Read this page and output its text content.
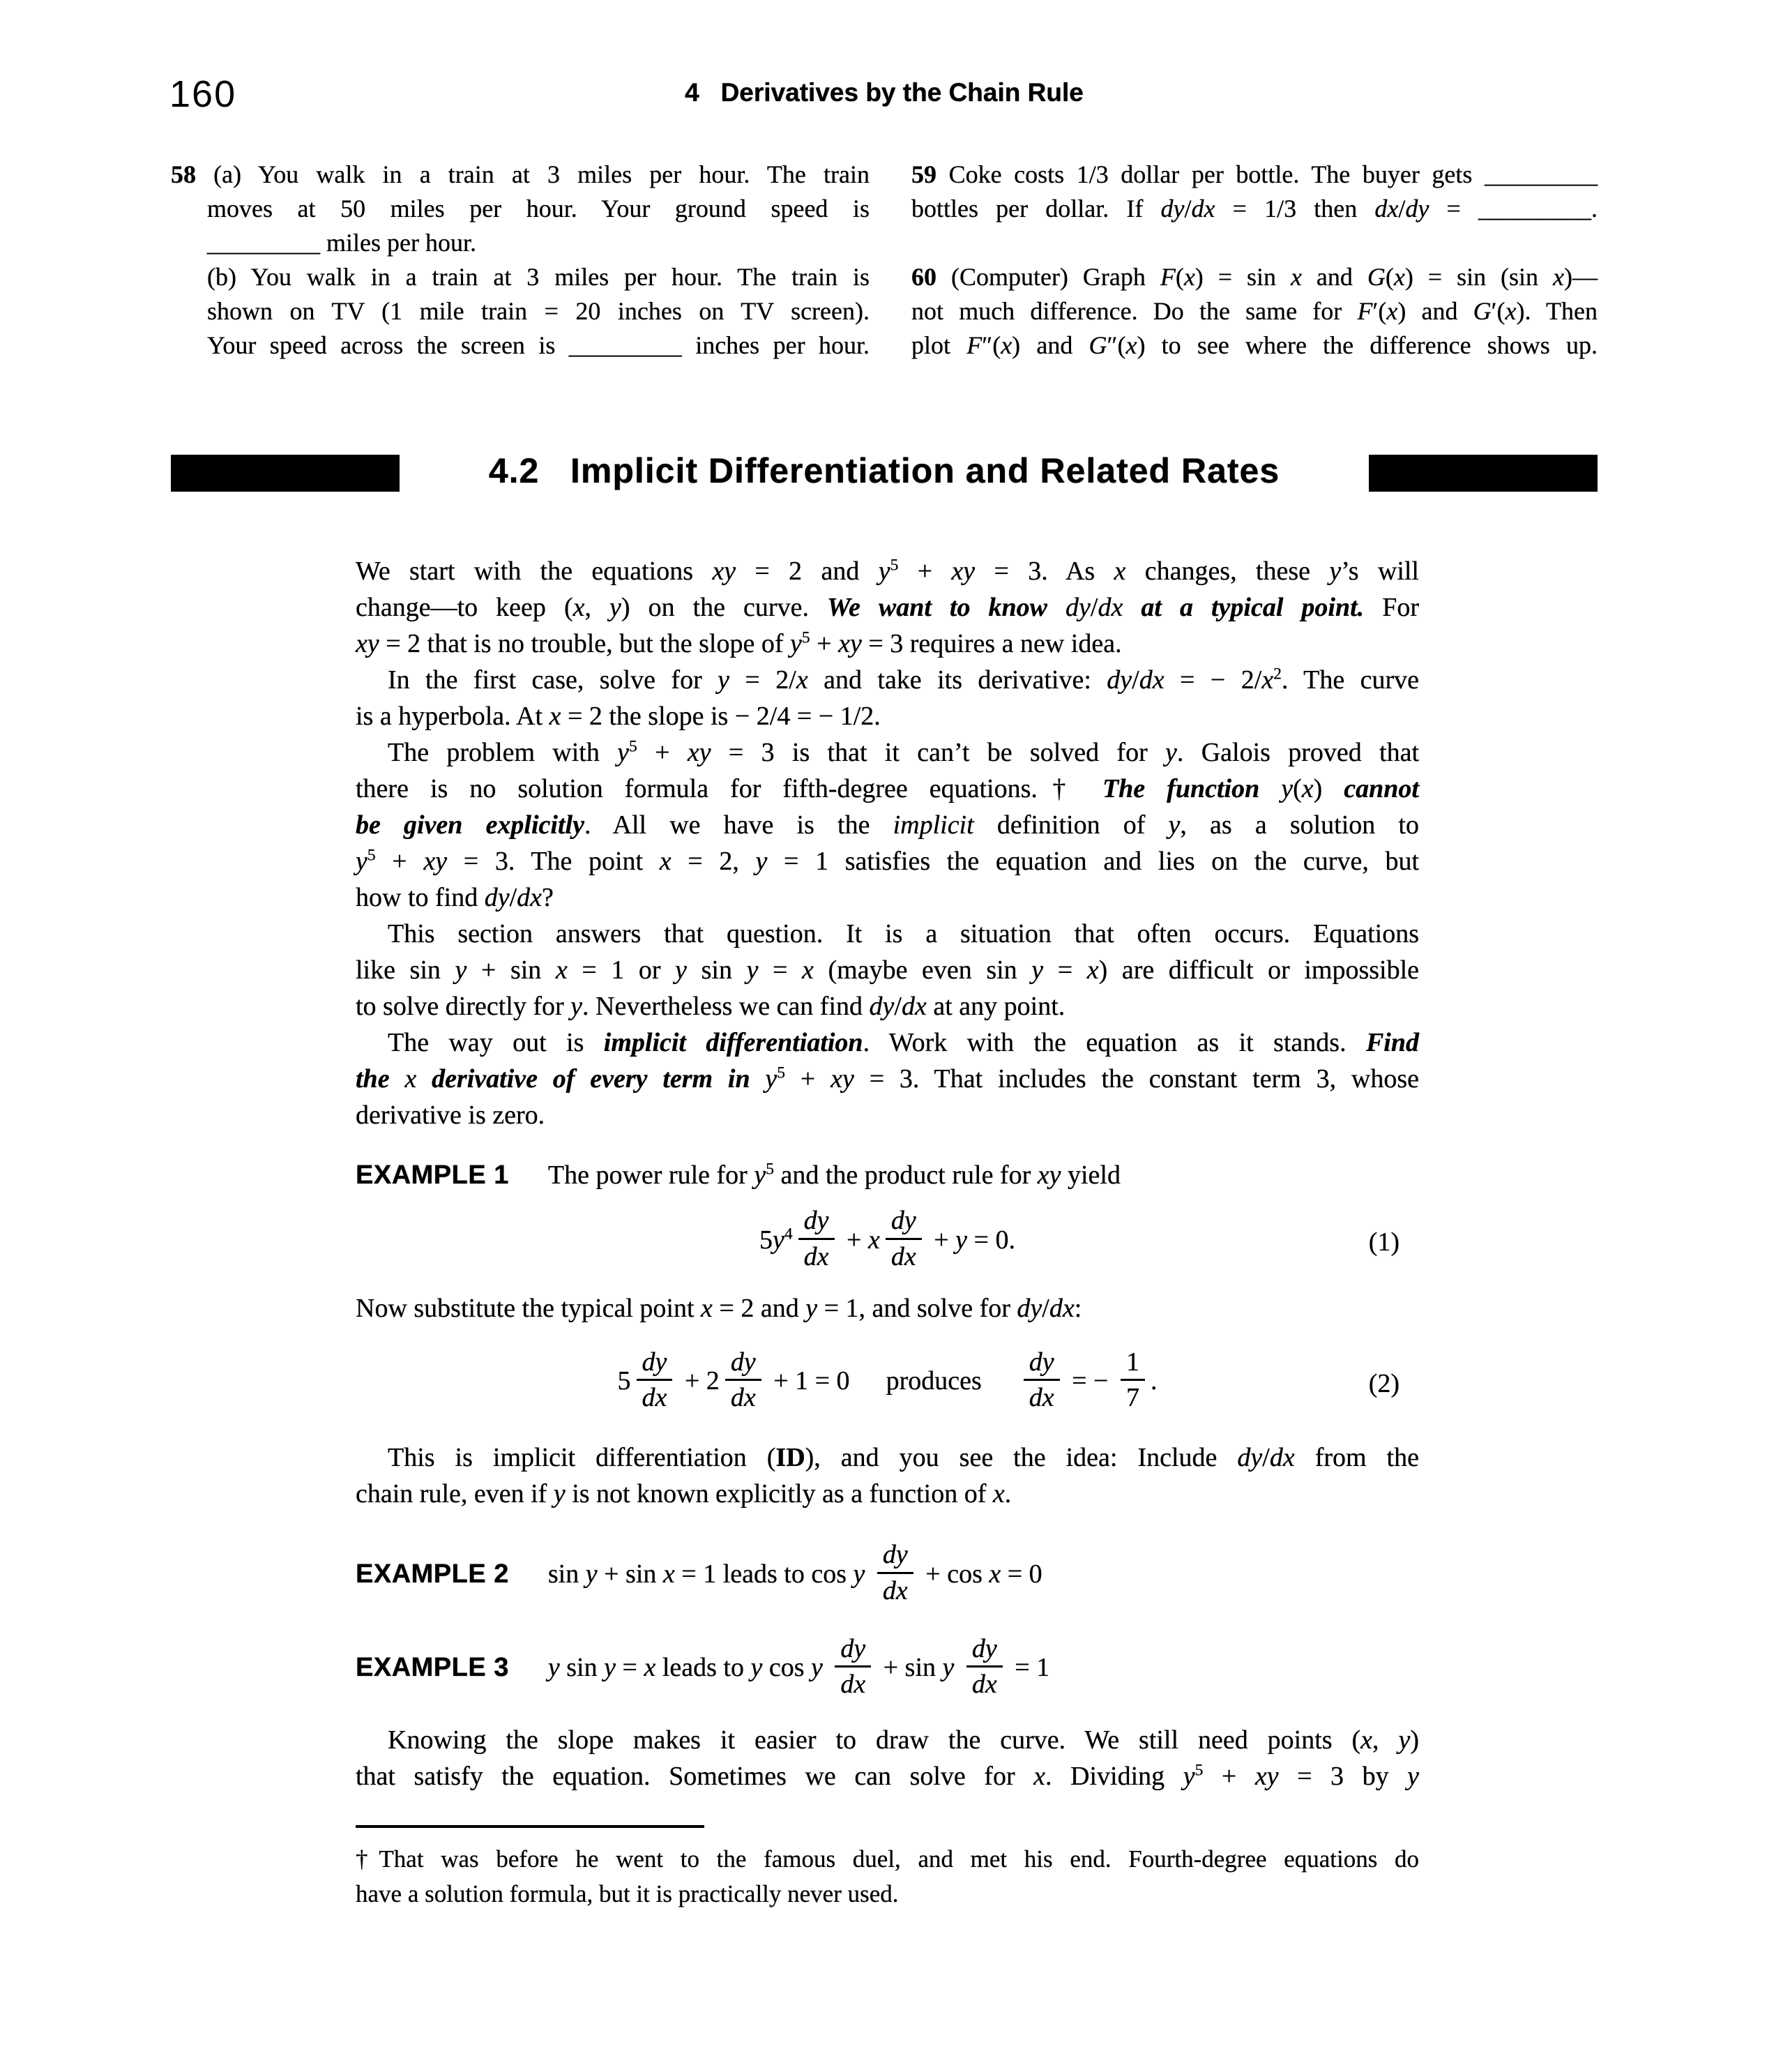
160	4   Derivatives by the Chain Rule
58 (a) You walk in a train at 3 miles per hour. The train
moves at 50 miles per hour. Your ground speed is
_________ miles per hour.
(b) You walk in a train at 3 miles per hour. The train is
shown on TV (1 mile train = 20 inches on TV screen).
Your speed across the screen is _________ inches per hour.
59 Coke costs 1/3 dollar per bottle. The buyer gets _________
bottles per dollar. If dy/dx = 1/3 then dx/dy = _________.
60 (Computer) Graph F(x) = sin x and G(x) = sin (sin x)—
not much difference. Do the same for F′(x) and G′(x). Then
plot F″(x) and G″(x) to see where the difference shows up.
4.2   Implicit Differentiation and Related Rates
We start with the equations xy = 2 and $y^5$ + xy = 3. As x changes, these y’s will
change—to keep (x, y) on the curve. We want to know dy/dx at a typical point. For
xy = 2 that is no trouble, but the slope of $y^5$ + xy = 3 requires a new idea.
In the first case, solve for y = 2/x and take its derivative: dy/dx = − $2/x^2$. The curve
is a hyperbola. At x = 2 the slope is − 2/4 = − 1/2.
The problem with $y^5$ + xy = 3 is that it can’t be solved for y. Galois proved that
there is no solution formula for fifth-degree equations.† The function y(x) cannot
be given explicitly. All we have is the implicit definition of y, as a solution to
$y^5$ + xy = 3. The point x = 2, y = 1 satisfies the equation and lies on the curve, but
how to find dy/dx?
This section answers that question. It is a situation that often occurs. Equations
like sin y + sin x = 1 or y sin y = x (maybe even sin y = x) are difficult or impossible
to solve directly for y. Nevertheless we can find dy/dx at any point.
The way out is implicit differentiation. Work with the equation as it stands. Find
the x derivative of every term in $y^5$ + xy = 3. That includes the constant term 3, whose
derivative is zero.
EXAMPLE 1 The power rule for $y^5$ and the product rule for xy yield
$5y^4 \frac{dy}{dx} + x \frac{dy}{dx} + y = 0$.	(1)
Now substitute the typical point x = 2 and y = 1, and solve for dy/dx:
$5 \frac{dy}{dx} + 2 \frac{dy}{dx} + 1 = 0$ produces $\frac{dy}{dx}$ = − $\frac{1}{7}$ .	(2)
This is implicit differentiation (ID), and you see the idea: Include dy/dx from the
chain rule, even if y is not known explicitly as a function of x.
EXAMPLE 2 sin y + sin x = 1 leads to cos y $\frac{dy}{dx} + \cos x = 0$
EXAMPLE 3 y sin y = x leads to y cos y $\frac{dy}{dx} + \sin y \frac{dy}{dx} = 1$
Knowing the slope makes it easier to draw the curve. We still need points (x, y)
that satisfy the equation. Sometimes we can solve for x. Dividing $y^5$ + xy = 3 by y
†That was before he went to the famous duel, and met his end. Fourth-degree equations do
have a solution formula, but it is practically never used.
